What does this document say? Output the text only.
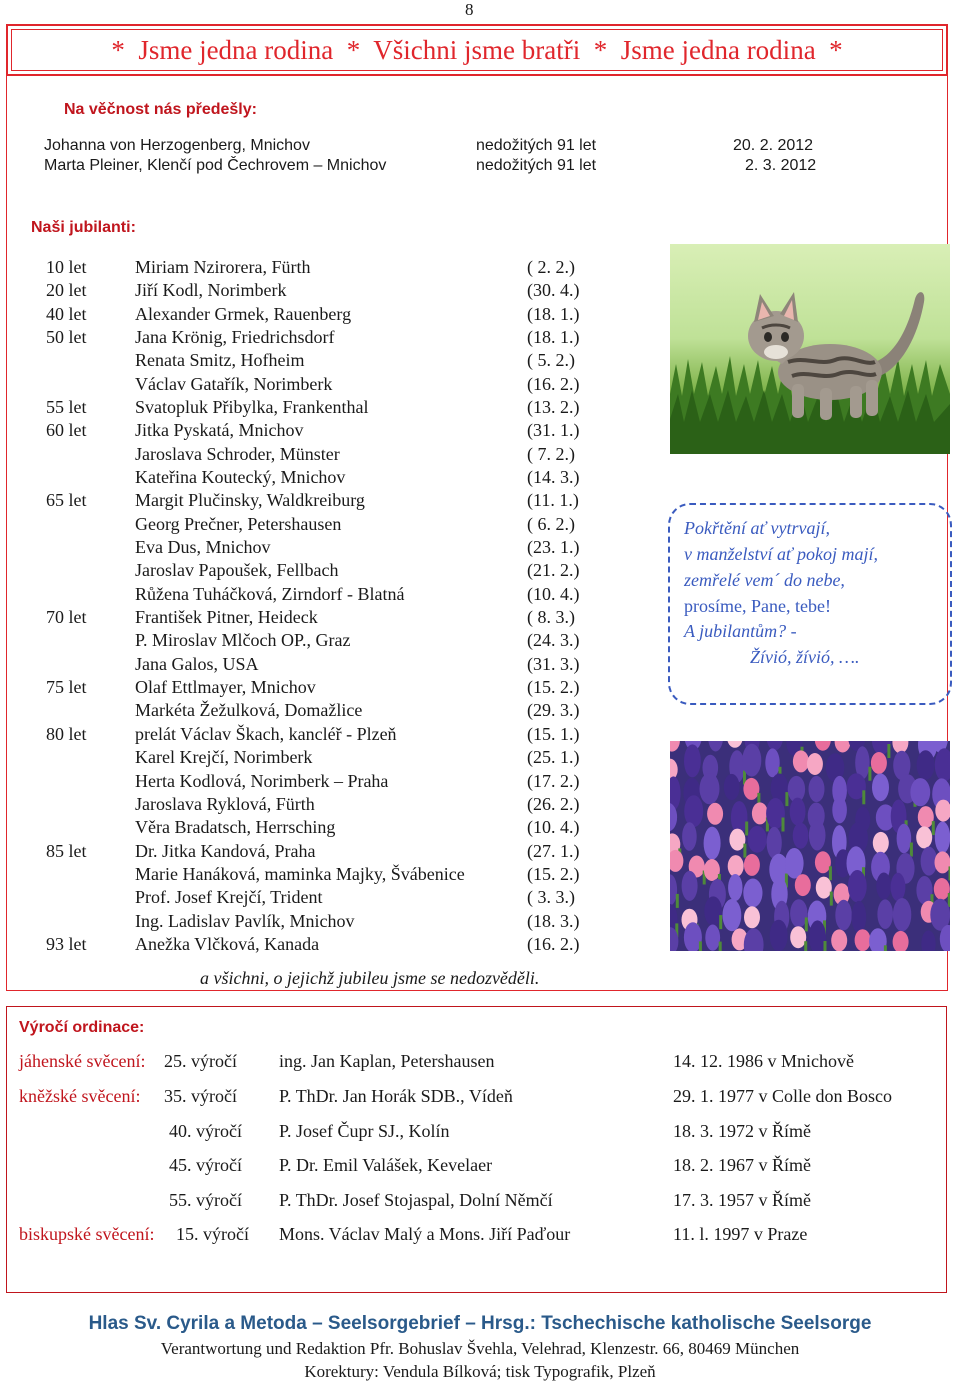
8
*  Jsme jedna rodina  *  Všichni jsme bratři  *  Jsme jedna rodina  *
Na věčnost nás předešly:
Johanna von Herzogenberg, Mnichov	nedožitých 91 let	20. 2. 2012
Marta Pleiner, Klenčí pod Čechrovem – Mnichov	nedožitých 91 let	2. 3. 2012
Naši jubilanti:
10 let	Miriam Nzirorera, Fürth	( 2. 2.)
20 let	Jiří Kodl, Norimberk	(30. 4.)
40 let	Alexander Grmek, Rauenberg	(18. 1.)
50 let	Jana Krönig, Friedrichsdorf	(18. 1.)
Renata Smitz, Hofheim	( 5. 2.)
Václav Gatařík, Norimberk	(16. 2.)
55 let	Svatopluk Přibylka, Frankenthal	(13. 2.)
60 let	Jitka Pyskatá, Mnichov	(31. 1.)
Jaroslava Schroder, Münster	( 7. 2.)
Kateřina Koutecký, Mnichov	(14. 3.)
65 let	Margit Plučinsky, Waldkreiburg	(11. 1.)
Georg Prečner, Petershausen	( 6. 2.)
Eva Dus, Mnichov	(23. 1.)
Jaroslav Papoušek, Fellbach	(21. 2.)
Růžena Tuháčková, Zirndorf - Blatná	(10. 4.)
70 let	František Pitner, Heideck	( 8. 3.)
P. Miroslav Mlčoch OP., Graz	(24. 3.)
Jana Galos, USA	(31. 3.)
75 let	Olaf Ettlmayer, Mnichov	(15. 2.)
Markéta Žežulková, Domažlice	(29. 3.)
80 let	prelát Václav Škach, kancléř - Plzeň	(15. 1.)
Karel Krejčí, Norimberk	(25. 1.)
Herta Kodlová, Norimberk – Praha	(17. 2.)
Jaroslava Ryklová, Fürth	(26. 2.)
Věra Bradatsch, Herrsching	(10. 4.)
85 let	Dr. Jitka Kandová, Praha	(27. 1.)
Marie Hanáková, maminka Majky, Švábenice	(15. 2.)
Prof. Josef Krejčí, Trident	( 3. 3.)
Ing. Ladislav Pavlík, Mnichov	(18. 3.)
93 let	Anežka Vlčková, Kanada	(16. 2.)
a všichni, o jejichž jubileu jsme se nedozvěděli.
Pokřtění ať vytrvají,
v manželství ať pokoj mají,
zemřelé vem´ do nebe,
prosíme, Pane, tebe!
A jubilantům? -
Žívió, žívió, ….
Výročí ordinace:
jáhenské svěcení: 25. výročí ing. Jan Kaplan, Petershausen	14. 12. 1986 v Mnichově
kněžské svěcení: 35. výročí P. ThDr. Jan Horák SDB., Vídeň	29. 1. 1977 v Colle don Bosco
40. výročí P. Josef Čupr SJ., Kolín	18. 3. 1972 v Římě
45. výročí P. Dr. Emil Valášek, Kevelaer	18. 2. 1967 v Římě
55. výročí P. ThDr. Josef Stojaspal, Dolní Němčí	17. 3. 1957 v Římě
biskupské svěcení: 15. výročí Mons. Václav Malý a Mons. Jiří Paďour	11. l. 1997 v Praze
Hlas Sv. Cyrila a Metoda – Seelsorgebrief – Hrsg.: Tschechische katholische Seelsorge
Verantwortung und Redaktion Pfr. Bohuslav Švehla, Velehrad, Klenzestr. 66, 80469 München
Korektury: Vendula Bílková; tisk Typografik, Plzeň
